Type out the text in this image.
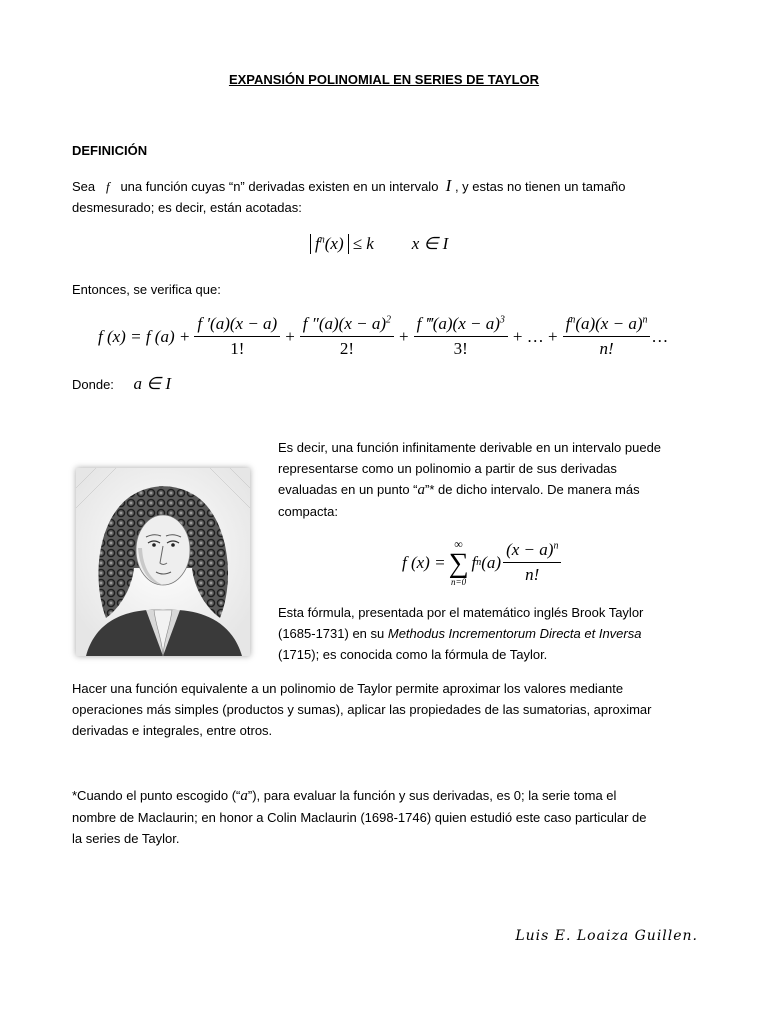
EXPANSIÓN POLINOMIAL EN SERIES DE TAYLOR
DEFINICIÓN
Sea f una función cuyas “n” derivadas existen en un intervalo I , y estas no tienen un tamaño
desmesurado; es decir, están acotadas:
$f^n(x) \le k$ x ∈ I
Entonces, se verifica que:
f (x) = f $(a) + \frac{f '(a)(x - a)}{1!} + \frac{f ''(a)(x - a)^2}{2!} + \frac{f ‴(a)(x - a)^3}{3!}$ + … + $\frac{f^n(a)(x - a)^n}{n!}$ …
Donde: a ∈ I
Es decir, una función infinitamente derivable en un intervalo puede
representarse como un polinomio a partir de sus derivadas
evaluadas en un punto “a”* de dicho intervalo. De manera más
compacta:
f (x) =
∞
∑
n=0
f n $(a) \frac{(x - a)^n}{n!}$
Esta fórmula, presentada por el matemático inglés Brook Taylor
(1685-1731) en su Methodus Incrementorum Directa et Inversa
(1715); es conocida como la fórmula de Taylor.
Hacer una función equivalente a un polinomio de Taylor permite aproximar los valores mediante
operaciones más simples (productos y sumas), aplicar las propiedades de las sumatorias, aproximar
derivadas e integrales, entre otros.
*Cuando el punto escogido (“a”), para evaluar la función y sus derivadas, es 0; la serie toma el
nombre de Maclaurin; en honor a Colin Maclaurin (1698-1746) quien estudió este caso particular de
la series de Taylor.
Luis E. Loaiza Guillen.
